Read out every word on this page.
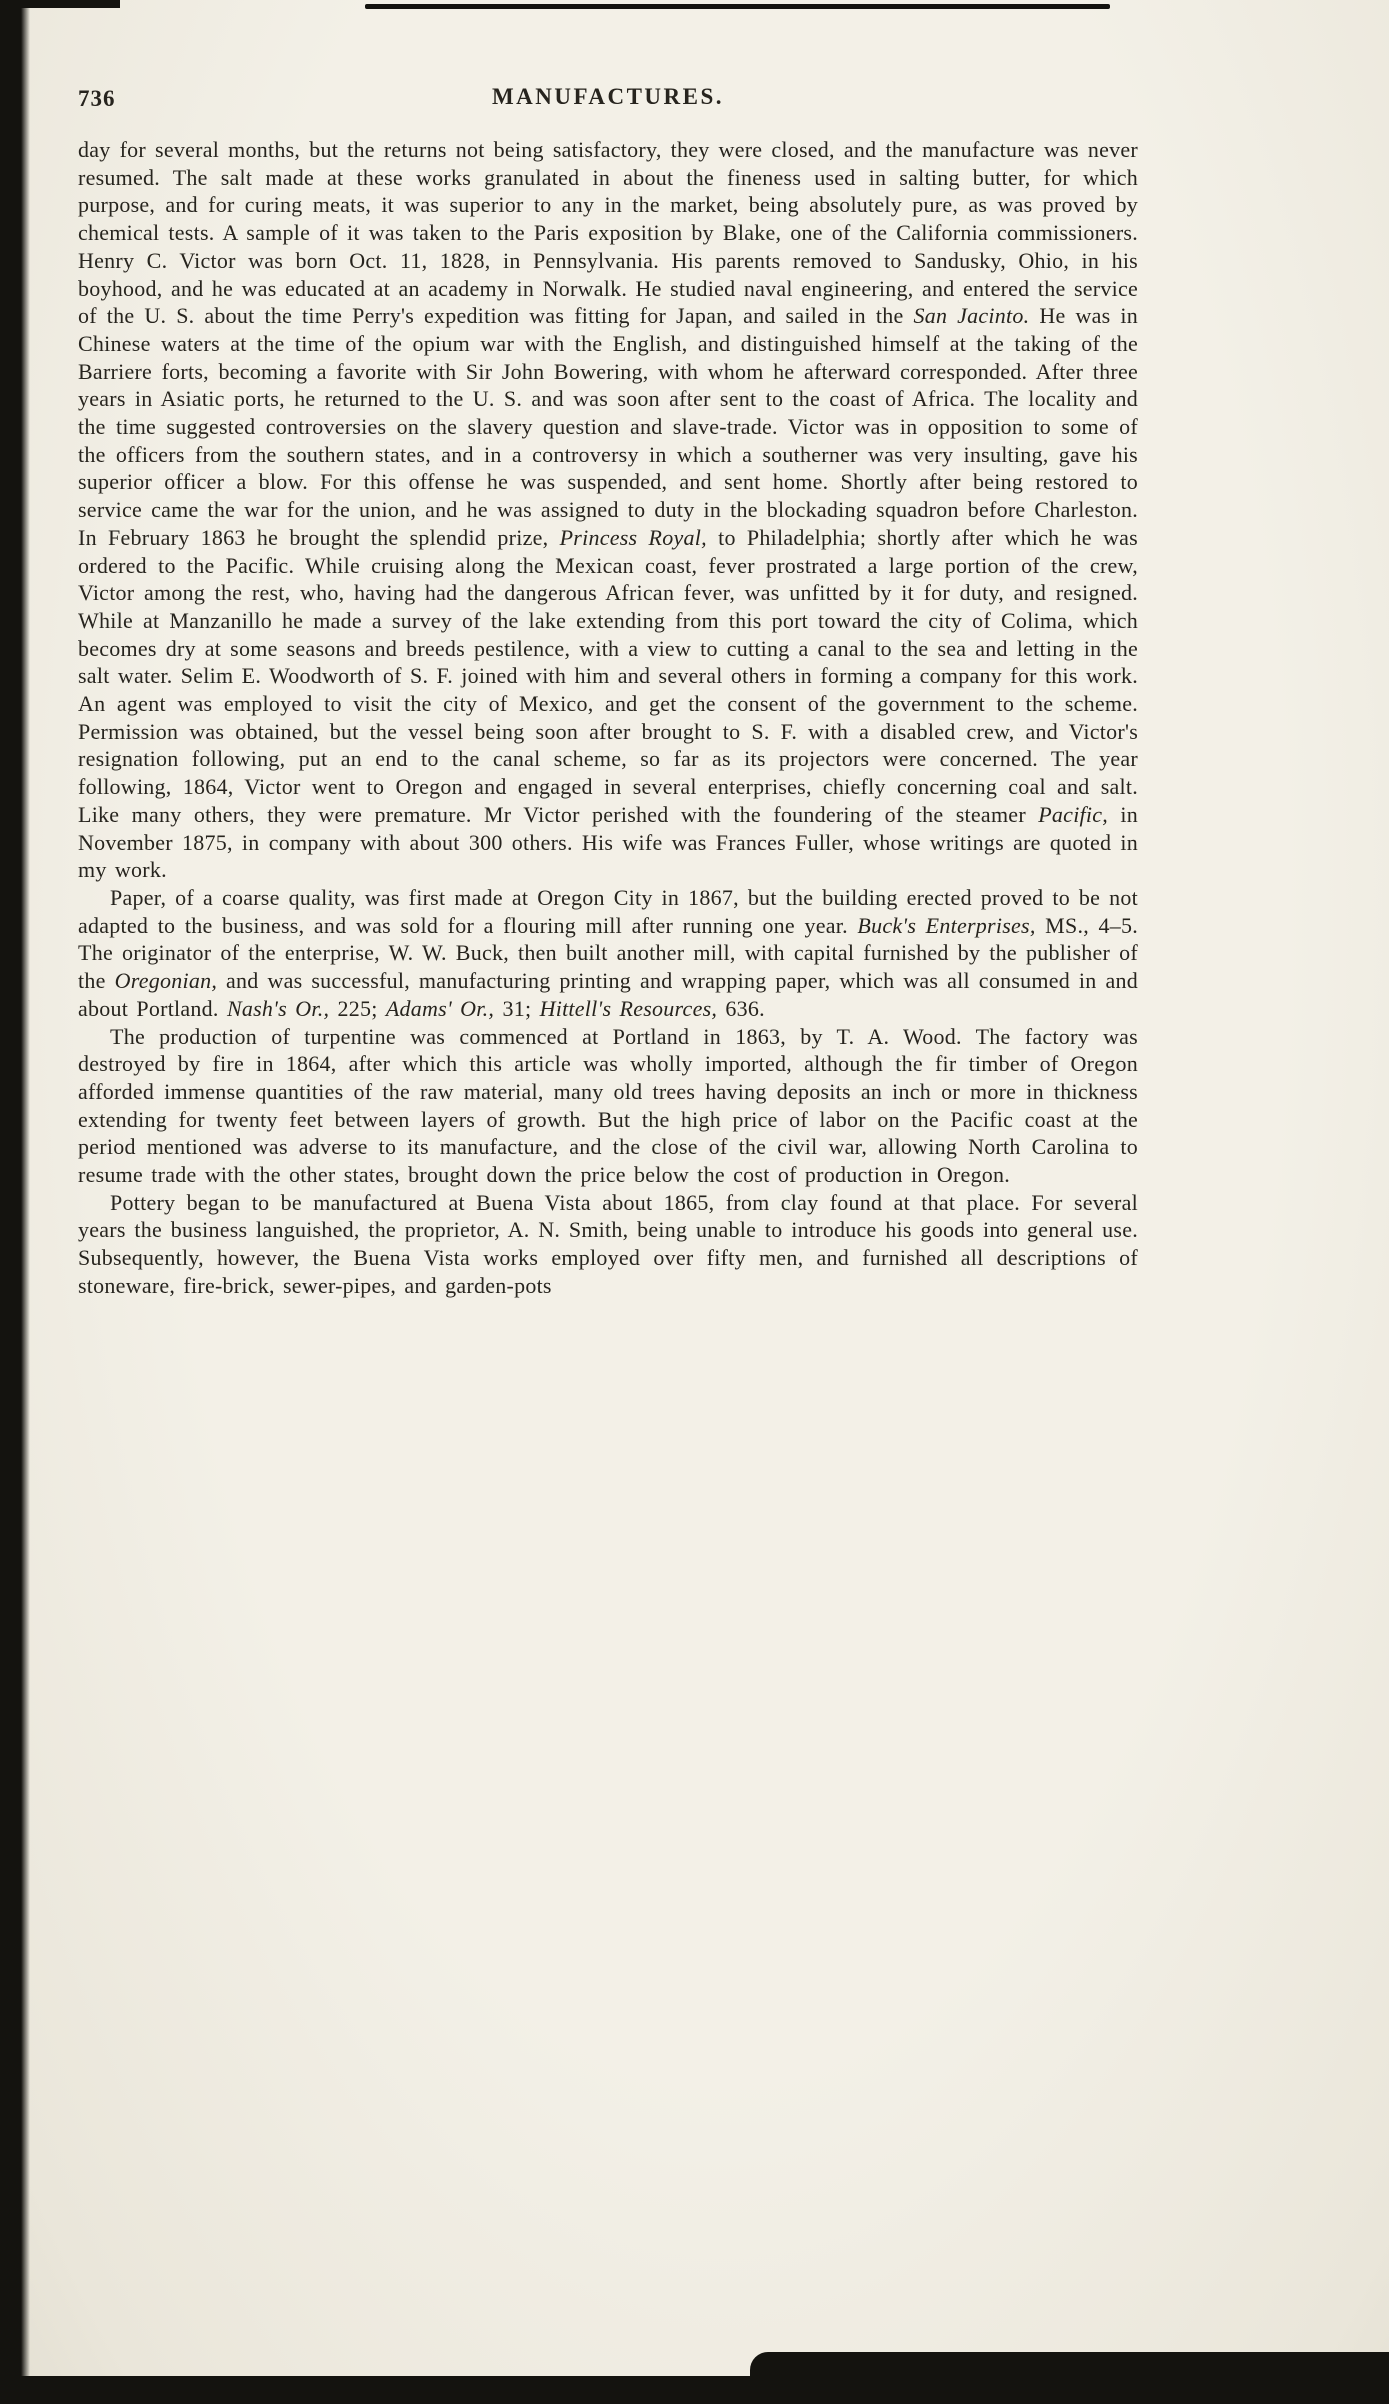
736	MANUFACTURES.

day for several months, but the returns not being satisfactory, they were closed, and the manufacture was never resumed. The salt made at these works granulated in about the fineness used in salting butter, for which purpose, and for curing meats, it was superior to any in the market, being absolutely pure, as was proved by chemical tests. A sample of it was taken to the Paris exposition by Blake, one of the California commissioners. Henry C. Victor was born Oct. 11, 1828, in Pennsylvania. His parents removed to Sandusky, Ohio, in his boyhood, and he was educated at an academy in Norwalk. He studied naval engineering, and entered the service of the U. S. about the time Perry's expedition was fitting for Japan, and sailed in the San Jacinto. He was in Chinese waters at the time of the opium war with the English, and distinguished himself at the taking of the Barriere forts, becoming a favorite with Sir John Bowering, with whom he afterward corresponded. After three years in Asiatic ports, he returned to the U. S. and was soon after sent to the coast of Africa. The locality and the time suggested controversies on the slavery question and slave-trade. Victor was in opposition to some of the officers from the southern states, and in a controversy in which a southerner was very insulting, gave his superior officer a blow. For this offense he was suspended, and sent home. Shortly after being restored to service came the war for the union, and he was assigned to duty in the blockading squadron before Charleston. In February 1863 he brought the splendid prize, Princess Royal, to Philadelphia; shortly after which he was ordered to the Pacific. While cruising along the Mexican coast, fever prostrated a large portion of the crew, Victor among the rest, who, having had the dangerous African fever, was unfitted by it for duty, and resigned. While at Manzanillo he made a survey of the lake extending from this port toward the city of Colima, which becomes dry at some seasons and breeds pestilence, with a view to cutting a canal to the sea and letting in the salt water. Selim E. Woodworth of S. F. joined with him and several others in forming a company for this work. An agent was employed to visit the city of Mexico, and get the consent of the government to the scheme. Permission was obtained, but the vessel being soon after brought to S. F. with a disabled crew, and Victor's resignation following, put an end to the canal scheme, so far as its projectors were concerned. The year following, 1864, Victor went to Oregon and engaged in several enterprises, chiefly concerning coal and salt. Like many others, they were premature. Mr Victor perished with the foundering of the steamer Pacific, in November 1875, in company with about 300 others. His wife was Frances Fuller, whose writings are quoted in my work.

Paper, of a coarse quality, was first made at Oregon City in 1867, but the building erected proved to be not adapted to the business, and was sold for a flouring mill after running one year. Buck's Enterprises, MS., 4–5. The originator of the enterprise, W. W. Buck, then built another mill, with capital furnished by the publisher of the Oregonian, and was successful, manufacturing printing and wrapping paper, which was all consumed in and about Portland. Nash's Or., 225; Adams' Or., 31; Hittell's Resources, 636.

The production of turpentine was commenced at Portland in 1863, by T. A. Wood. The factory was destroyed by fire in 1864, after which this article was wholly imported, although the fir timber of Oregon afforded immense quantities of the raw material, many old trees having deposits an inch or more in thickness extending for twenty feet between layers of growth. But the high price of labor on the Pacific coast at the period mentioned was adverse to its manufacture, and the close of the civil war, allowing North Carolina to resume trade with the other states, brought down the price below the cost of production in Oregon.

Pottery began to be manufactured at Buena Vista about 1865, from clay found at that place. For several years the business languished, the proprietor, A. N. Smith, being unable to introduce his goods into general use. Subsequently, however, the Buena Vista works employed over fifty men, and furnished all descriptions of stoneware, fire-brick, sewer-pipes, and garden-pots
